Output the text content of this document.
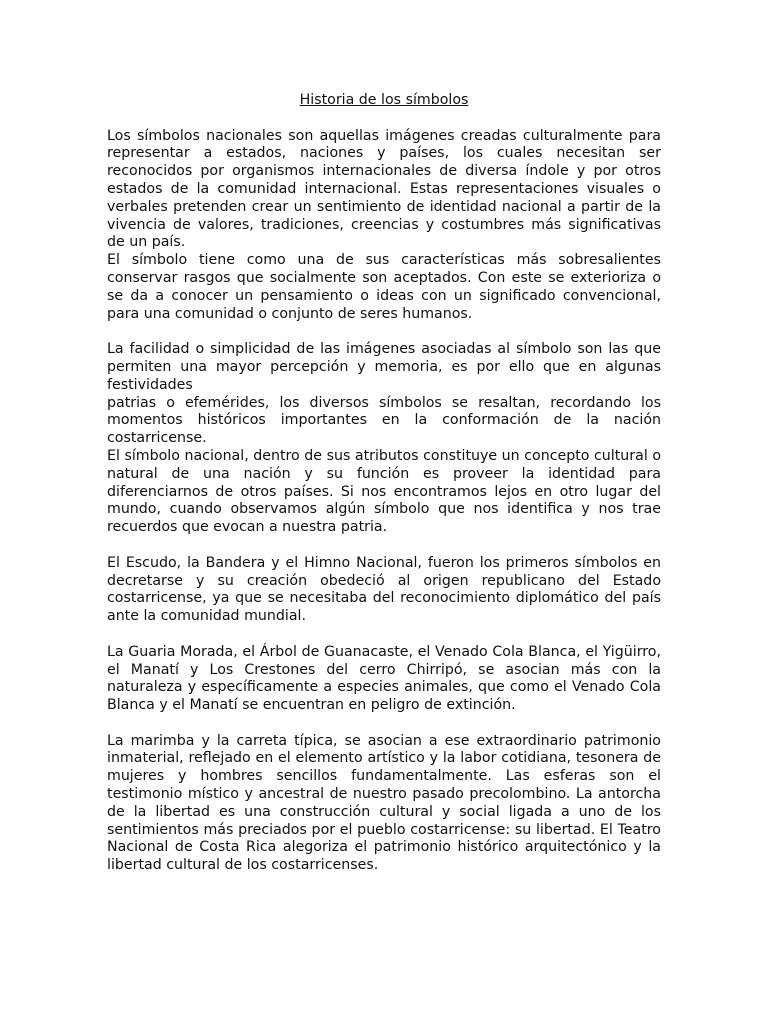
Historia de los símbolos
Los símbolos nacionales son aquellas imágenes creadas culturalmente para representar a estados, naciones y países, los cuales necesitan ser reconocidos por organismos internacionales de diversa índole y por otros estados de la comunidad internacional. Estas representaciones visuales o verbales pretenden crear un sentimiento de identidad nacional a partir de la vivencia de valores, tradiciones, creencias y costumbres más significativas de un país.
El símbolo tiene como una de sus características más sobresalientes conservar rasgos que socialmente son aceptados. Con este se exterioriza o se da a conocer un pensamiento o ideas con un significado convencional, para una comunidad o conjunto de seres humanos.
La facilidad o simplicidad de las imágenes asociadas al símbolo son las que permiten una mayor percepción y memoria, es por ello que en algunas festividades
patrias o efemérides, los diversos símbolos se resaltan, recordando los momentos históricos importantes en la conformación de la nación costarricense.
El símbolo nacional, dentro de sus atributos constituye un concepto cultural o natural de una nación y su función es proveer la identidad para diferenciarnos de otros países. Si nos encontramos lejos en otro lugar del mundo, cuando observamos algún símbolo que nos identifica y nos trae recuerdos que evocan a nuestra patria.
El Escudo, la Bandera y el Himno Nacional, fueron los primeros símbolos en decretarse y su creación obedeció al origen republicano del Estado costarricense, ya que se necesitaba del reconocimiento diplomático del país ante la comunidad mundial.
La Guaria Morada, el Árbol de Guanacaste, el Venado Cola Blanca, el Yigüirro, el Manatí y Los Crestones del cerro Chirripó, se asocian más con la naturaleza y específicamente a especies animales, que como el Venado Cola Blanca y el Manatí se encuentran en peligro de extinción.
La marimba y la carreta típica, se asocian a ese extraordinario patrimonio inmaterial, reflejado en el elemento artístico y la labor cotidiana, tesonera de mujeres y hombres sencillos fundamentalmente. Las esferas son el testimonio místico y ancestral de nuestro pasado precolombino. La antorcha de la libertad es una construcción cultural y social ligada a uno de los sentimientos más preciados por el pueblo costarricense: su libertad. El Teatro Nacional de Costa Rica alegoriza el patrimonio histórico arquitectónico y la libertad cultural de los costarricenses.
